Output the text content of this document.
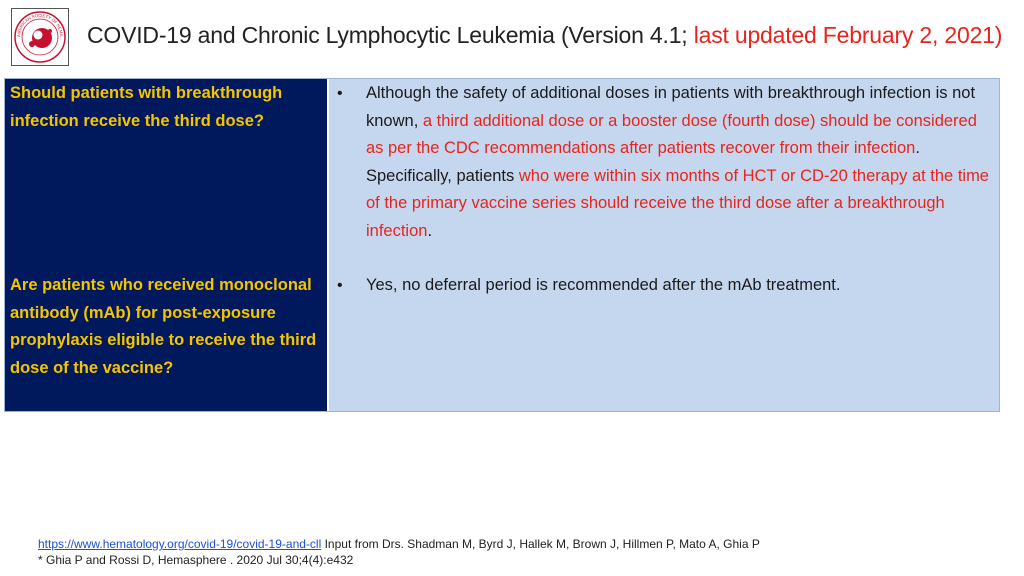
AMERICAN SOCIETY OF HEMA COVID-19 and Chronic Lymphocytic Leukemia (Version 4.1; last updated February 2, 2021)
Should patients with breakthrough infection receive the third dose?
Are patients who received monoclonal antibody (mAb) for post-exposure prophylaxis eligible to receive the third dose of the vaccine?
• Although the safety of additional doses in patients with breakthrough infection is not known, a third additional dose or a booster dose (fourth dose) should be considered as per the CDC recommendations after patients recover from their infection. Specifically, patients who were within six months of HCT or CD-20 therapy at the time of the primary vaccine series should receive the third dose after a breakthrough infection.
• Yes, no deferral period is recommended after the mAb treatment.
https://www.hematology.org/covid-19/covid-19-and-cll Input from Drs. Shadman M, Byrd J, Hallek M, Brown J, Hillmen P, Mato A, Ghia P
* Ghia P and Rossi D, Hemasphere . 2020 Jul 30;4(4):e432
